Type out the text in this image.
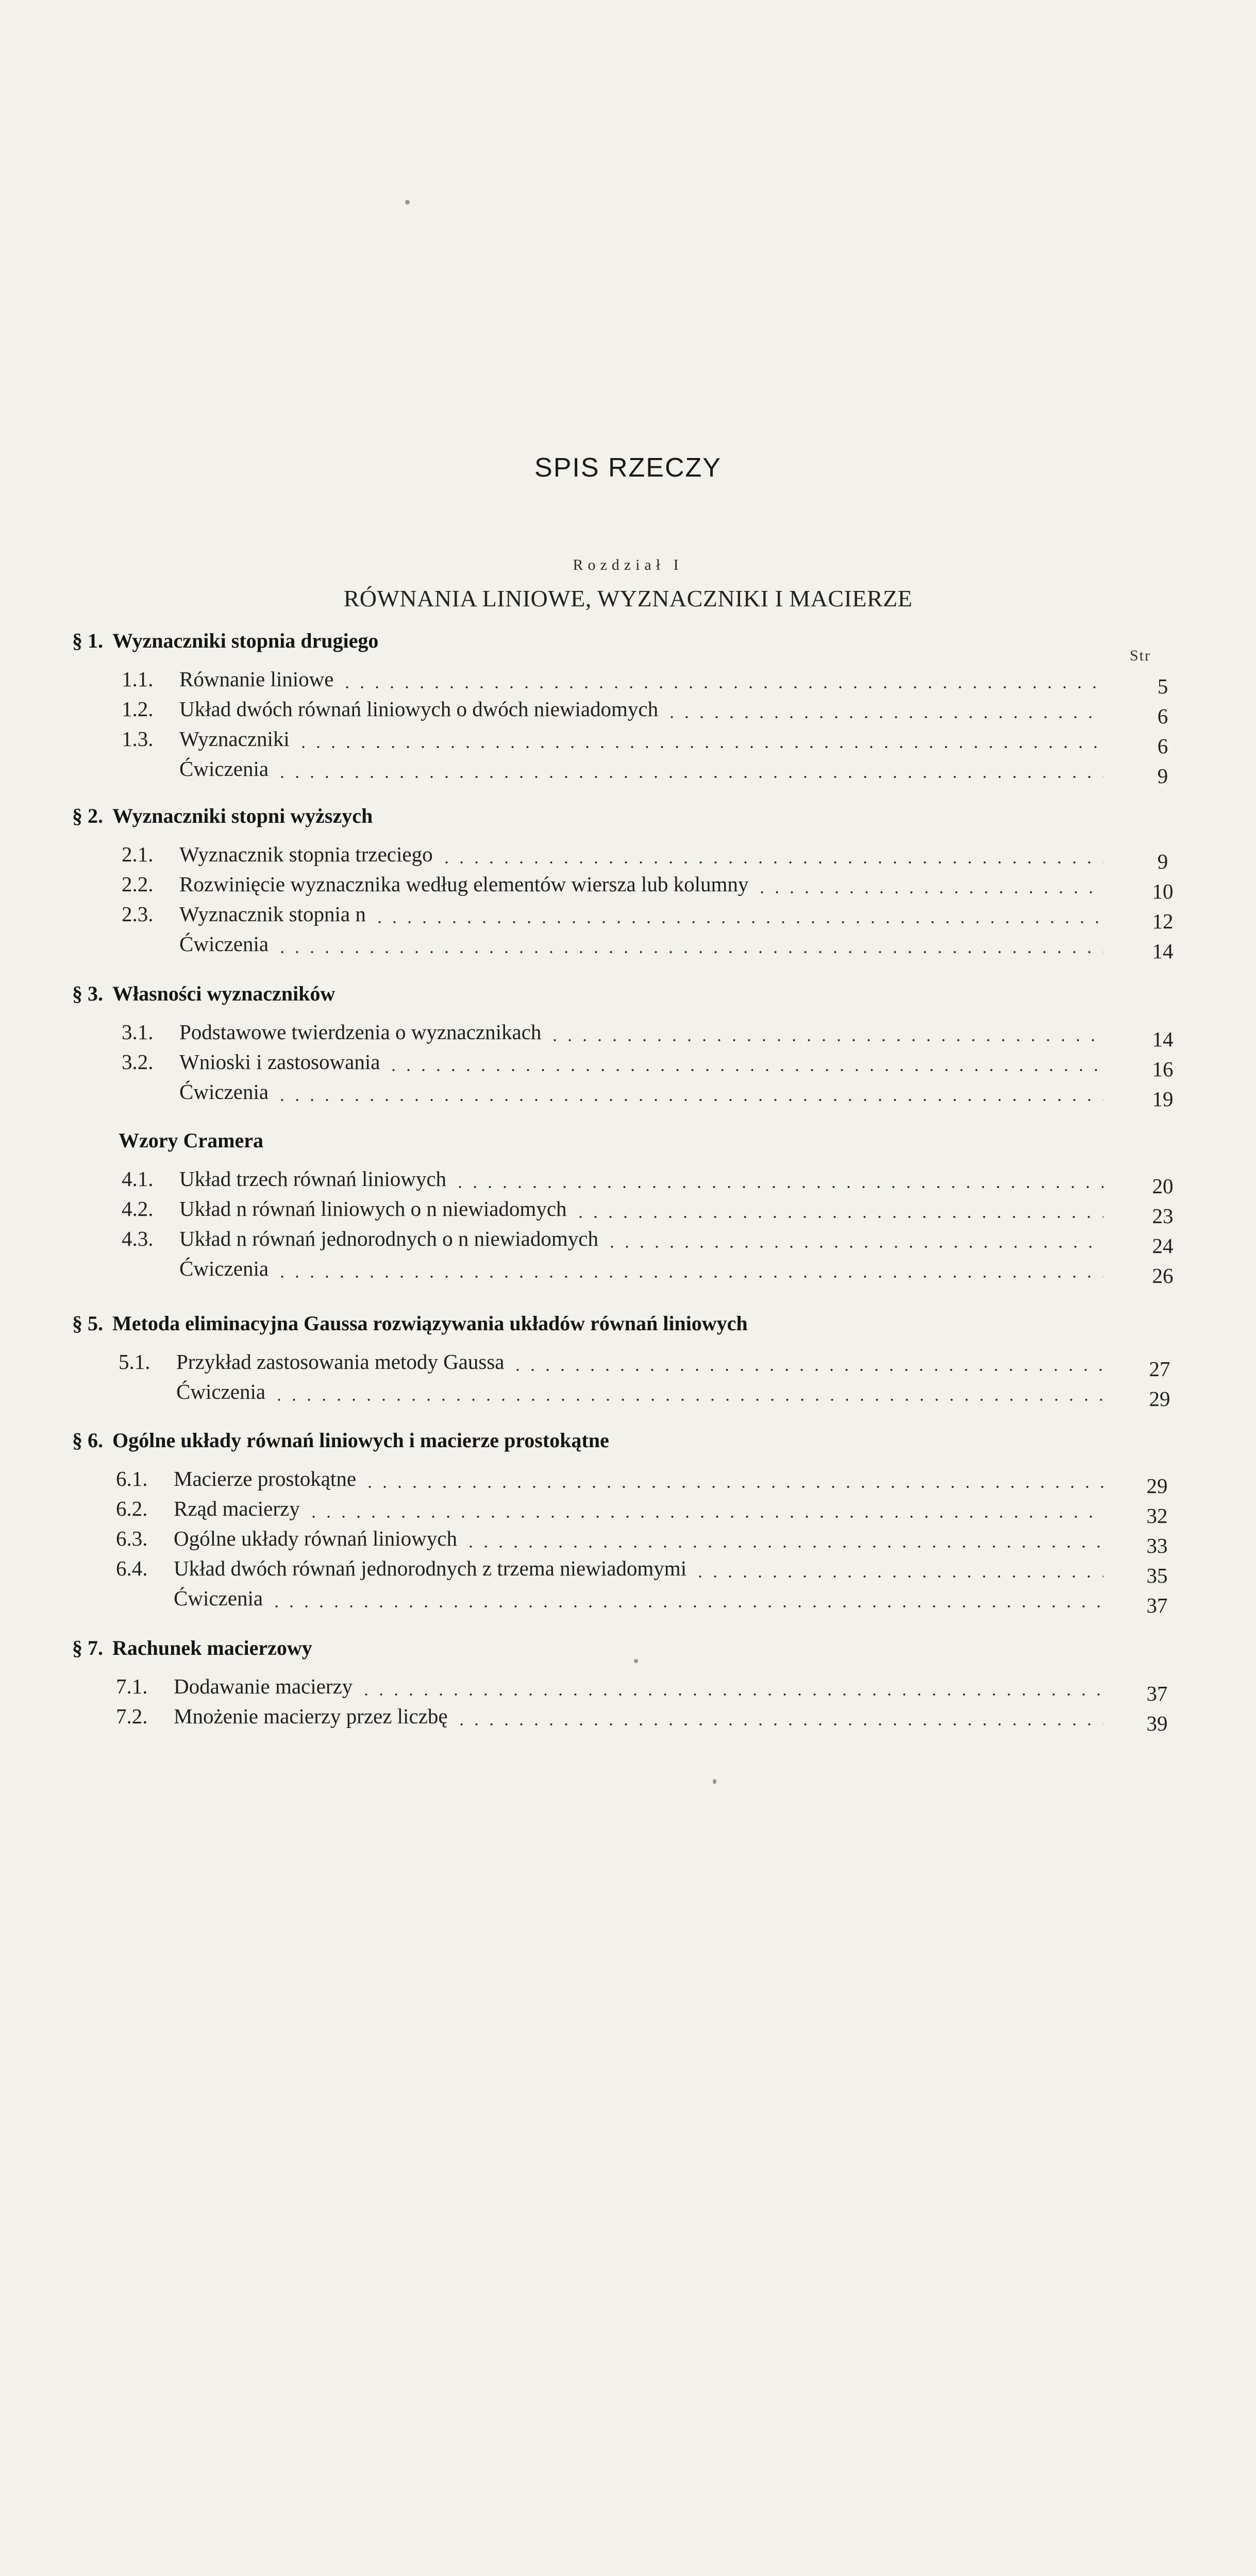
SPIS RZECZY
Rozdział I
RÓWNANIA LINIOWE, WYZNACZNIKI I MACIERZE
Str
§ 1. Wyznaczniki stopnia drugiego
1.1. Równanie liniowe	5
1.2. Układ dwóch równań liniowych o dwóch niewiadomych	6
1.3. Wyznaczniki	6
Ćwiczenia	9
§ 2. Wyznaczniki stopni wyższych
2.1. Wyznacznik stopnia trzeciego	9
2.2. Rozwinięcie wyznacznika według elementów wiersza lub kolumny	10
2.3. Wyznacznik stopnia n	12
Ćwiczenia	14
§ 3. Własności wyznaczników
3.1. Podstawowe twierdzenia o wyznacznikach	14
3.2. Wnioski i zastosowania	16
Ćwiczenia	19
Wzory Cramera
4.1. Układ trzech równań liniowych	20
4.2. Układ n równań liniowych o n niewiadomych	23
4.3. Układ n równań jednorodnych o n niewiadomych	24
Ćwiczenia	26
§ 5. Metoda eliminacyjna Gaussa rozwiązywania układów równań liniowych
5.1. Przykład zastosowania metody Gaussa	27
Ćwiczenia	29
§ 6. Ogólne układy równań liniowych i macierze prostokątne
6.1. Macierze prostokątne	29
6.2. Rząd macierzy	32
6.3. Ogólne układy równań liniowych	33
6.4. Układ dwóch równań jednorodnych z trzema niewiadomymi	35
Ćwiczenia	37
§ 7. Rachunek macierzowy
7.1. Dodawanie macierzy	37
7.2. Mnożenie macierzy przez liczbę	39
